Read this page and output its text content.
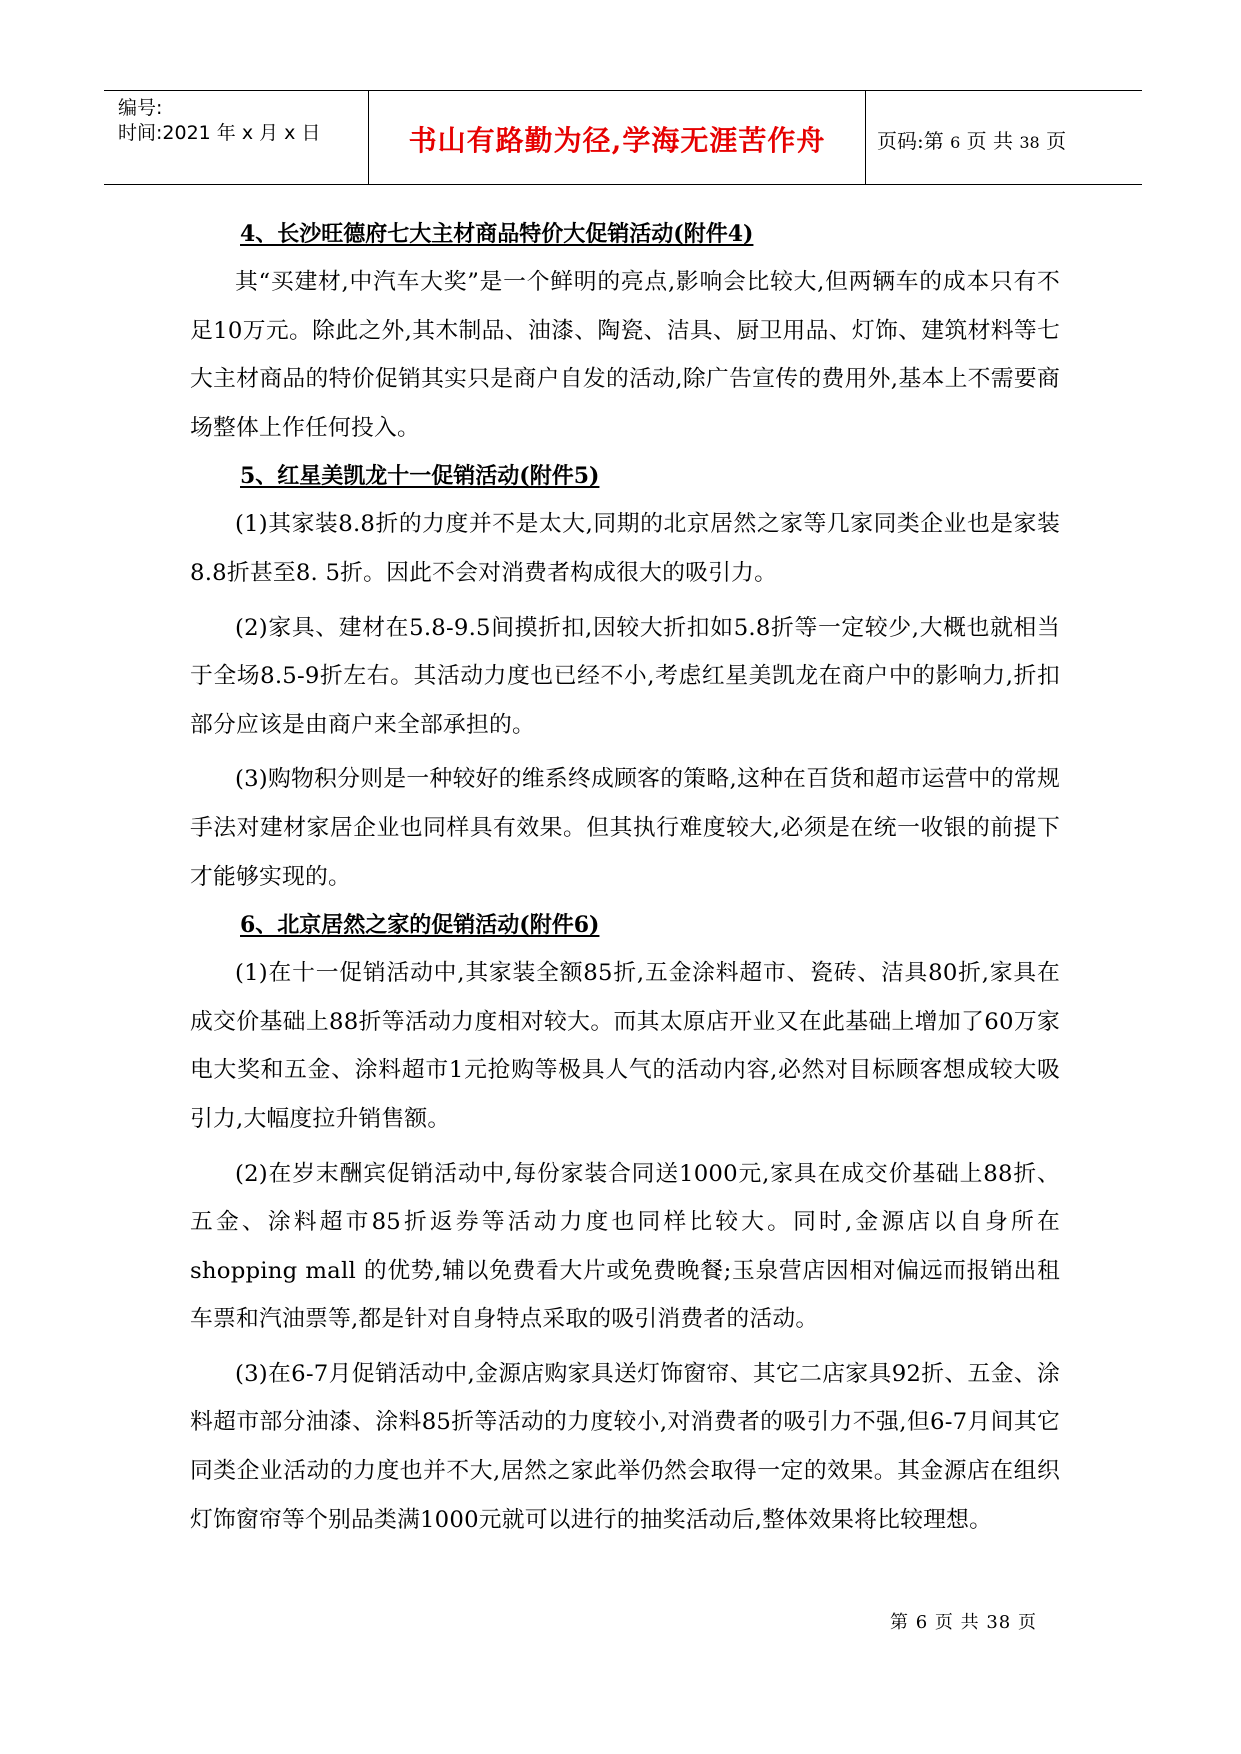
编号:
时间:2021 年 x 月 x 日	书山有路勤为径,学海无涯苦作舟	页码:第 6 页 共 38 页
4、长沙旺德府七大主材商品特价大促销活动(附件4)

其“买建材,中汽车大奖”是一个鲜明的亮点,影响会比较大,但两辆车的成本只有不足10万元。除此之外,其木制品、油漆、陶瓷、洁具、厨卫用品、灯饰、建筑材料等七大主材商品的特价促销其实只是商户自发的活动,除广告宣传的费用外,基本上不需要商场整体上作任何投入。

5、红星美凯龙十一促销活动(附件5)

(1)其家装8.8折的力度并不是太大,同期的北京居然之家等几家同类企业也是家装8.8折甚至8. 5折。因此不会对消费者构成很大的吸引力。

(2)家具、建材在5.8-9.5间摸折扣,因较大折扣如5.8折等一定较少,大概也就相当于全场8.5-9折左右。其活动力度也已经不小,考虑红星美凯龙在商户中的影响力,折扣部分应该是由商户来全部承担的。

(3)购物积分则是一种较好的维系终成顾客的策略,这种在百货和超市运营中的常规手法对建材家居企业也同样具有效果。但其执行难度较大,必须是在统一收银的前提下才能够实现的。

6、北京居然之家的促销活动(附件6)

(1)在十一促销活动中,其家装全额85折,五金涂料超市、瓷砖、洁具80折,家具在成交价基础上88折等活动力度相对较大。而其太原店开业又在此基础上增加了60万家电大奖和五金、涂料超市1元抢购等极具人气的活动内容,必然对目标顾客想成较大吸引力,大幅度拉升销售额。

(2)在岁末酬宾促销活动中,每份家装合同送1000元,家具在成交价基础上88折、五金、涂料超市85折返券等活动力度也同样比较大。同时,金源店以自身所在 shopping mall 的优势,辅以免费看大片或免费晚餐;玉泉营店因相对偏远而报销出租车票和汽油票等,都是针对自身特点采取的吸引消费者的活动。

(3)在6-7月促销活动中,金源店购家具送灯饰窗帘、其它二店家具92折、五金、涂料超市部分油漆、涂料85折等活动的力度较小,对消费者的吸引力不强,但6-7月间其它同类企业活动的力度也并不大,居然之家此举仍然会取得一定的效果。其金源店在组织灯饰窗帘等个别品类满1000元就可以进行的抽奖活动后,整体效果将比较理想。

第 6 页 共 38 页
